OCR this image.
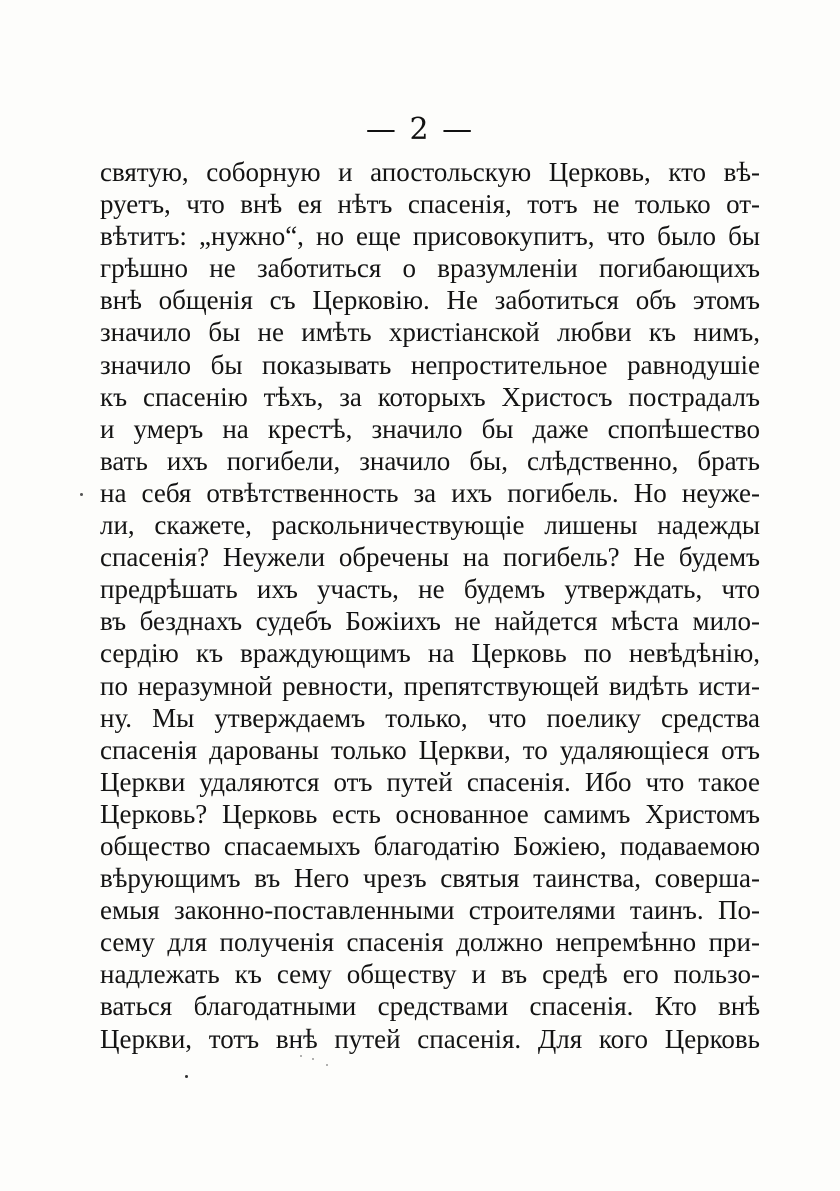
— 2 —
святую, соборную и апостольскую Церковь, кто вѣ-
руетъ, что внѣ ея нѣтъ спасенія, тотъ не только от-
вѣтитъ: „нужно“, но еще присовокупитъ, что было бы
грѣшно не заботиться о вразумленіи погибающихъ
внѣ общенія съ Церковію. Не заботиться объ этомъ
значило бы не имѣть христіанской любви къ нимъ,
значило бы показывать непростительное равнодушіе
къ спасенію тѣхъ, за которыхъ Христосъ пострадалъ
и умеръ на крестѣ, значило бы даже спопѣшество
вать ихъ погибели, значило бы, слѣдственно, брать
на себя отвѣтственность за ихъ погибель. Но неуже-
ли, скажете, раскольничествующіе лишены надежды
спасенія? Неужели обречены на погибель? Не будемъ
предрѣшать ихъ участь, не будемъ утверждать, что
въ безднахъ судебъ Божіихъ не найдется мѣста мило-
сердію къ враждующимъ на Церковь по невѣдѣнію,
по неразумной ревности, препятствующей видѣть исти-
ну. Мы утверждаемъ только, что поелику средства
спасенія дарованы только Церкви, то удаляющіеся отъ
Церкви удаляются отъ путей спасенія. Ибо что такое
Церковь? Церковь есть основанное самимъ Христомъ
общество спасаемыхъ благодатію Божіею, подаваемою
вѣрующимъ въ Него чрезъ святыя таинства, соверша-
емыя законно-поставленными строителями таинъ. По-
сему для полученія спасенія должно непремѣнно при-
надлежать къ сему обществу и въ средѣ его пользо-
ваться благодатными средствами спасенія. Кто внѣ
Церкви, тотъ внѣ путей спасенія. Для кого Церковь
